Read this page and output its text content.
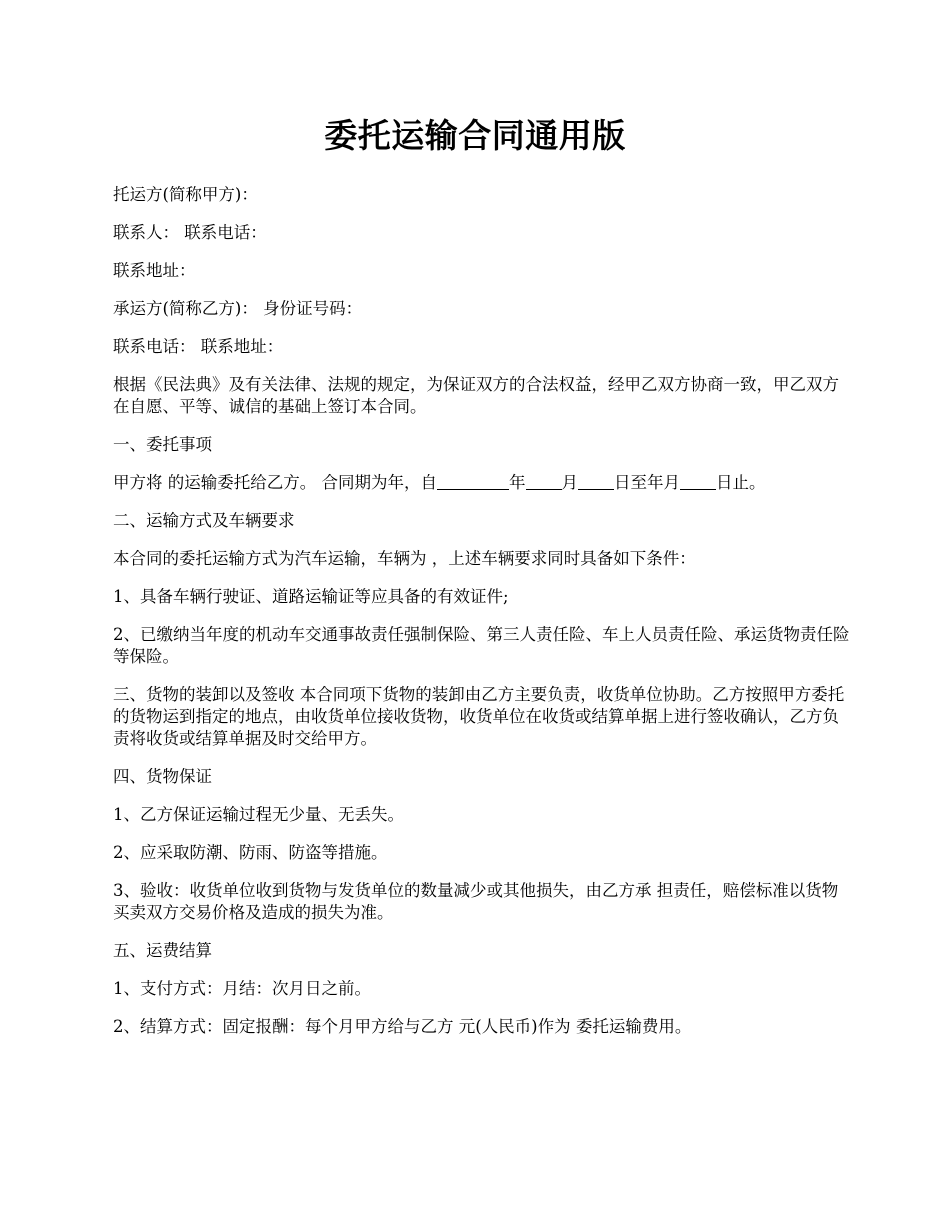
委托运输合同通用版

托运方(简称甲方)：

联系人： 联系电话：

联系地址：

承运方(简称乙方)： 身份证号码：

联系电话： 联系地址：

根据《民法典》及有关法律、法规的规定，为保证双方的合法权益，经甲乙双方协商一致，甲乙双方在自愿、平等、诚信的基础上签订本合同。

一、委托事项

甲方将 的运输委托给乙方。 合同期为年，自	年 月 日至年月 日止。

二、运输方式及车辆要求

本合同的委托运输方式为汽车运输，车辆为 ，上述车辆要求同时具备如下条件：

1、具备车辆行驶证、道路运输证等应具备的有效证件;

2、已缴纳当年度的机动车交通事故责任强制保险、第三人责任险、车上人员责任险、承运货物责任险等保险。

三、货物的装卸以及签收 本合同项下货物的装卸由乙方主要负责，收货单位协助。乙方按照甲方委托的货物运到指定的地点，由收货单位接收货物，收货单位在收货或结算单据上进行签收确认，乙方负责将收货或结算单据及时交给甲方。

四、货物保证

1、乙方保证运输过程无少量、无丢失。

2、应采取防潮、防雨、防盗等措施。

3、验收：收货单位收到货物与发货单位的数量减少或其他损失，由乙方承 担责任，赔偿标准以货物买卖双方交易价格及造成的损失为准。

五、运费结算

1、支付方式：月结：次月日之前。

2、结算方式：固定报酬：每个月甲方给与乙方 元(人民币)作为 委托运输费用。
